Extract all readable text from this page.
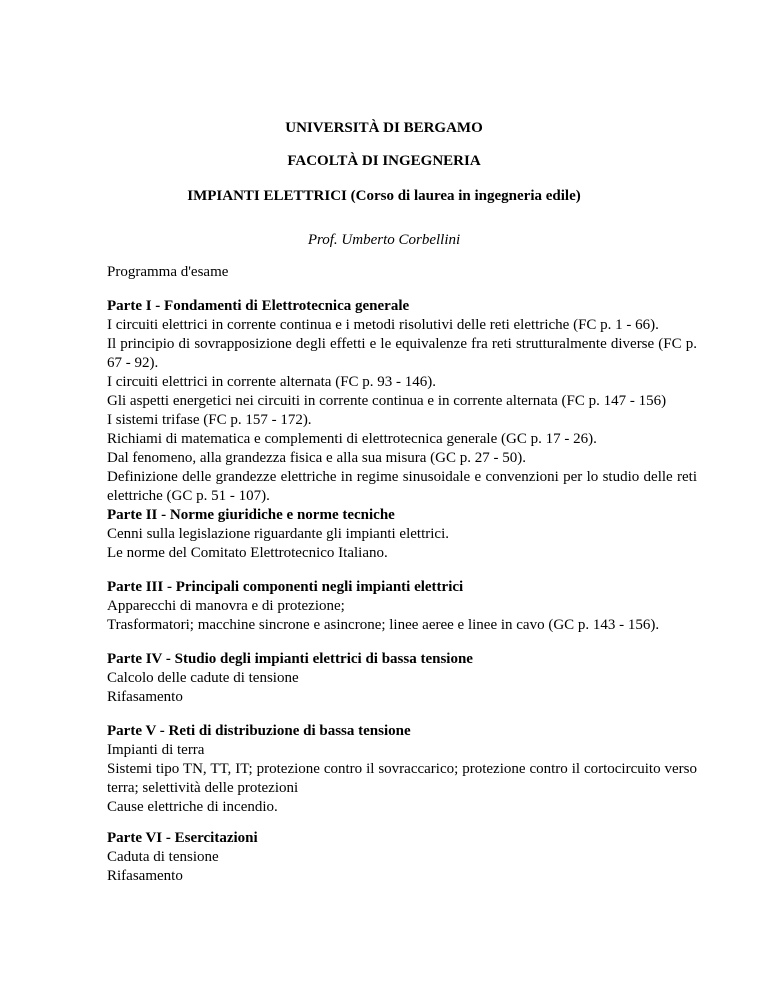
UNIVERSITÀ DI BERGAMO
FACOLTÀ DI INGEGNERIA
IMPIANTI ELETTRICI (Corso di laurea in ingegneria edile)
Prof. Umberto Corbellini
Programma d'esame
Parte I - Fondamenti di Elettrotecnica generale
I circuiti elettrici in corrente continua e i metodi risolutivi delle reti elettriche (FC p. 1 - 66).
Il principio di sovrapposizione degli effetti e le equivalenze fra reti strutturalmente diverse (FC p. 67 - 92).
I circuiti elettrici in corrente alternata (FC p. 93 - 146).
Gli aspetti energetici nei circuiti in corrente continua e in corrente alternata (FC p. 147 - 156)
I sistemi trifase (FC p. 157 - 172).
Richiami di matematica e complementi di elettrotecnica generale (GC p. 17 - 26).
Dal fenomeno, alla grandezza fisica e alla sua misura (GC p. 27 - 50).
Definizione delle grandezze elettriche in regime sinusoidale e convenzioni per lo studio delle reti elettriche (GC p. 51 - 107).
Parte II - Norme giuridiche e norme tecniche
Cenni sulla legislazione riguardante gli impianti elettrici.
Le norme del Comitato Elettrotecnico Italiano.
Parte III - Principali componenti negli impianti elettrici
Apparecchi di manovra e di protezione;
Trasformatori; macchine sincrone e asincrone; linee aeree e linee in cavo (GC p. 143 - 156).
Parte IV - Studio degli impianti elettrici di bassa tensione
Calcolo delle cadute di tensione
Rifasamento
Parte V - Reti di distribuzione di bassa tensione
Impianti di terra
Sistemi tipo TN, TT, IT; protezione contro il sovraccarico; protezione contro il cortocircuito verso terra; selettività delle protezioni
Cause elettriche di incendio.
Parte VI - Esercitazioni
Caduta di tensione
Rifasamento
